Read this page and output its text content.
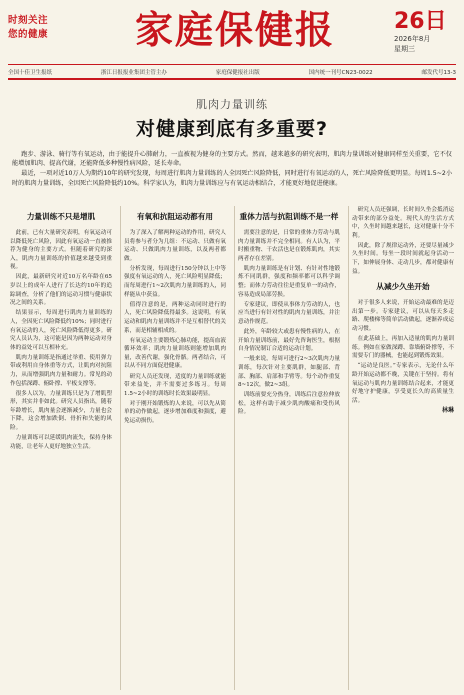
时刻关注
您的健康	家庭保健报	26日
2026年8月
星期三
全国十佳卫生报纸	浙江日报报业集团主管主办	家庭保健报社出版	国内统一刊号CN23-0022	邮发代号13-3
肌肉力量训练
对健康到底有多重要?

跑步、游泳、骑行等有氧运动，由于能提升心肺耐力，一直被视为健身的主要方式。然而，越来越多的研究表明，肌肉力量训练对健康同样至关重要，它不仅能增加肌肉、提高代谢，还能降低多种慢性病风险，延长寿命。

最近，一项对近10万人为期约10年的研究发现，每周进行肌肉力量训练的人全因死亡风险降低，同时进行有氧运动的人，死亡风险降低更明显。每周1.5~2小时的肌肉力量训练，全因死亡风险降低约10%。科学家认为，肌肉力量训练应与有氧运动相结合，才能更好地促进健康。

力量训练不只是增肌

此前，已有大量研究表明，有氧运动可以降低死亡风险，因此有氧运动一直被推荐为健身的主要方式。但随着研究的深入，肌肉力量训练的价值越来越受到重视。

因此，最新研究对近10万名年龄在65岁以上的成年人进行了长达约10年的追踪调查，分析了他们的运动习惯与健康状况之间的关系。

结果显示，每周进行肌肉力量训练的人，全因死亡风险降低约10%；同时进行有氧运动的人，死亡风险降低得更多。研究人员认为，这可能是因为两种运动对身体的益处可以互相补充。

肌肉力量训练是指通过举重、使用弹力带或利用自身体重等方式，让肌肉对抗阻力，从而增强肌肉力量和耐力。常见的动作包括深蹲、俯卧撑、平板支撑等。

很多人以为，力量训练只是为了增肌塑形，其实并非如此。研究人员指出，随着年龄增长，肌肉量会逐渐减少，力量也会下降，这会增加跌倒、骨折和失能的风险。

力量训练可以延缓肌肉流失，保持身体功能，让老年人更好地独立生活。

有氧和抗阻运动都有用

为了深入了解两种运动的作用，研究人员将参与者分为几组：不运动、只做有氧运动、只做肌肉力量训练，以及两者都做。

分析发现，每周进行150分钟以上中等强度有氧运动的人，死亡风险明显降低；而每周进行1~2次肌肉力量训练的人，同样能从中获益。

值得注意的是，两种运动同时进行的人，死亡风险降低得最多。这说明，有氧运动和肌肉力量训练并不是互相替代的关系，而是相辅相成的。

有氧运动主要锻炼心肺功能，提高血液循环效率；肌肉力量训练则能增加肌肉量，改善代谢，强化骨骼。两者结合，可以从不同方面促进健康。

研究人员还发现，适度的力量训练就能带来益处，并不需要过多练习。每周1.5~2小时的训练时长效果最明显。

对于刚开始锻炼的人来说，可以先从简单的动作做起，逐步增加难度和强度，避免运动损伤。

重体力活与抗阻训练不是一样

需要注意的是，日常的重体力劳动与肌肉力量训练并不完全相同。有人认为，平时搬重物、干农活也是在锻炼肌肉，其实两者存在差别。

肌肉力量训练是有计划、有针对性地锻炼不同肌群，强度和频率都可以科学调整；而体力劳动往往是重复单一的动作，容易造成局部劳损。

专家建议，即使从事体力劳动的人，也应当进行有针对性的肌肉力量训练，并注意动作规范。

此外，年龄较大或患有慢性病的人，在开始力量训练前，最好先咨询医生，根据自身情况制订合适的运动计划。

一般来说，每周可进行2~3次肌肉力量训练，每次针对主要肌群，如腿部、背部、胸部、肩部和手臂等。每个动作重复8~12次，做2~3组。

训练前要充分热身，训练后注意拉伸放松，这样有助于减少肌肉酸痛和受伤风险。

研究人员还强调，长时间久坐会抵消运动带来的部分益处。现代人的生活方式中，久坐时间越来越长，这对健康十分不利。

因此，除了规律运动外，还要尽量减少久坐时间。每坐一段时间就起身活动一下，如伸展身体、走动几步，都对健康有益。

从减少久坐开始

对于很多人来说，开始运动最难的是迈出第一步。专家建议，可以从每天多走路、爬楼梯等简单活动做起，逐渐养成运动习惯。

在此基础上，再加入适量的肌肉力量训练。例如在家做深蹲、靠墙俯卧撑等，不需要专门的器械，也能起到锻炼效果。

“运动是良医。”专家表示，无论什么年龄开始运动都不晚，关键在于坚持。将有氧运动与肌肉力量训练结合起来，才能更好地守护健康，享受更长久的高质量生活。

林琳
